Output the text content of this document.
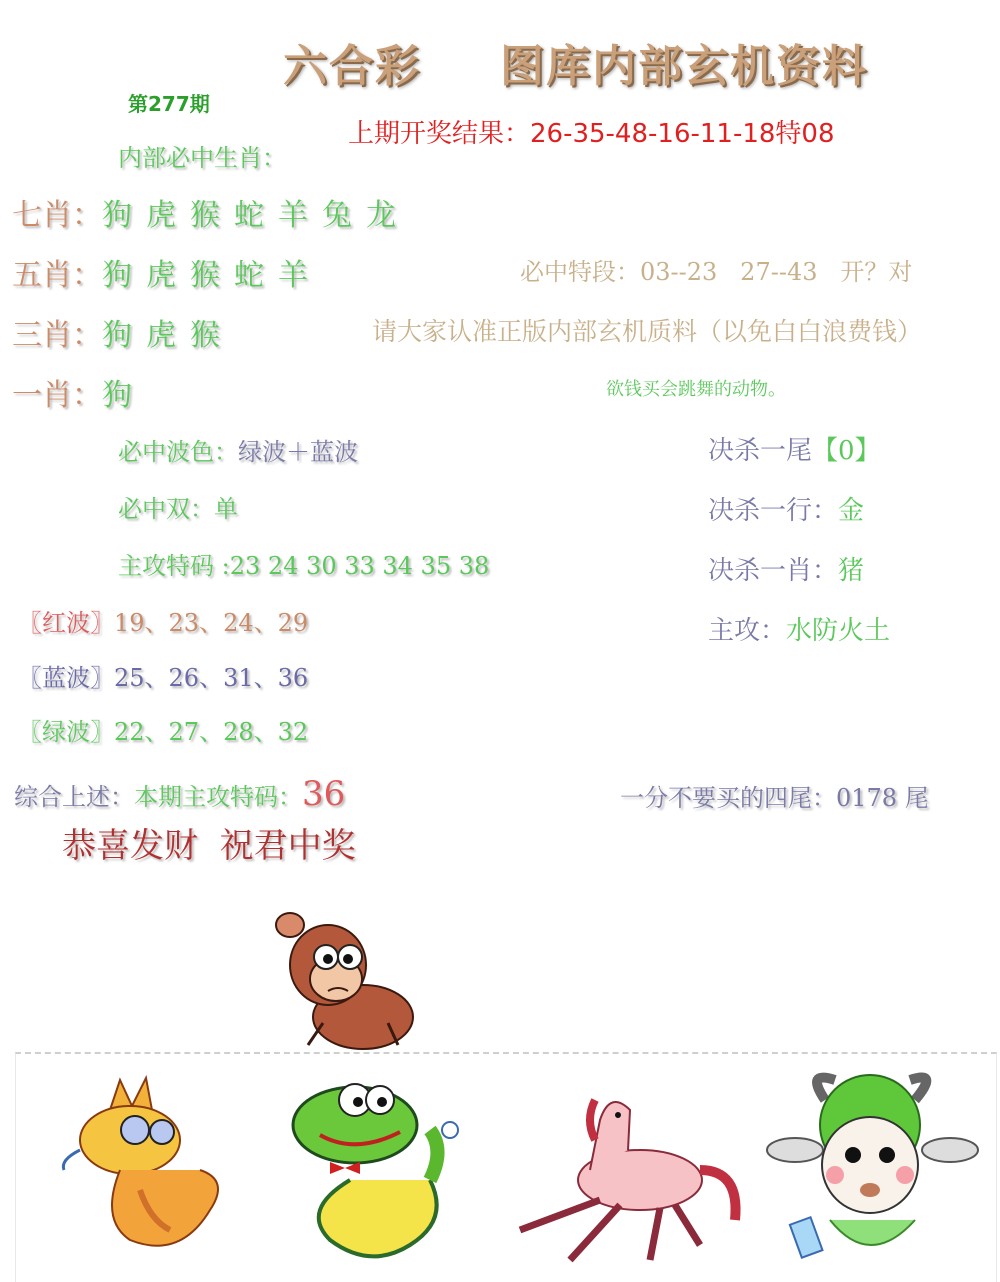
六合彩 图库内部玄机资料
第277期
上期开奖结果：26-35-48-16-11-18特08
内部必中生肖：
七肖：狗 虎 猴 蛇 羊 兔 龙
五肖：狗 虎 猴 蛇 羊
三肖：狗 虎 猴
一肖：狗
必中特段：03--23   27--43   开？对
请大家认准正版内部玄机质料（以免白白浪费钱）
欲钱买会跳舞的动物。
必中波色：绿波＋蓝波
必中双：单
主攻特码 :23 24 30 33 34 35 38
决杀一尾【0】
决杀一行：金
决杀一肖：猪
主攻：水防火土
〖红波〗19、23、24、29
〖蓝波〗25、26、31、36
〖绿波〗22、27、28、32
综合上述：本期主攻特码：36	一分不要买的四尾：0178 尾
恭喜发财  祝君中奖
